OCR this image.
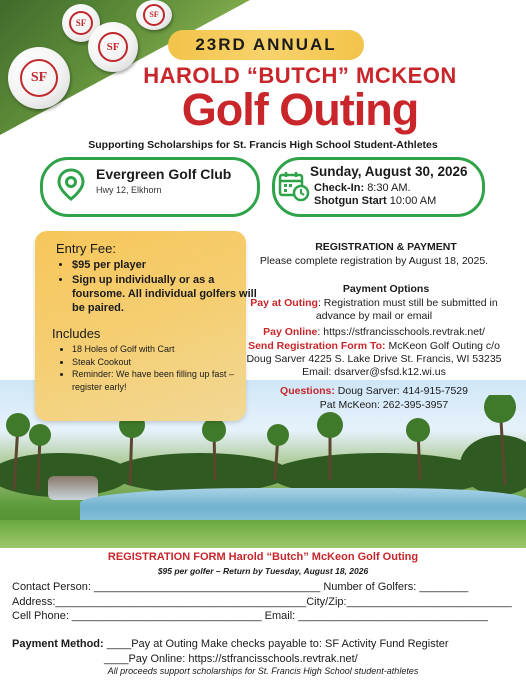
SF
SF
SF
SF
23RD ANNUAL
HAROLD “BUTCH” MCKEON
Golf Outing
Supporting Scholarships for St. Francis High School Student-Athletes
Evergreen Golf Club
Hwy 12, Elkhorn
Sunday, August 30, 2026
Check-In: 8:30 AM.
Shotgun Start 10:00 AM
Entry Fee:
• $95 per player
• Sign up individually or as a foursome. All individual golfers will be paired.
Includes
• 18 Holes of Golf with Cart
• Steak Cookout
• Reminder: We have been filling up fast – register early!
REGISTRATION & PAYMENT
Please complete registration by August 18, 2025.
Payment Options
Pay at Outing: Registration must still be submitted in advance by mail or email
Pay Online: https://stfrancisschools.revtrak.net/
Send Registration Form To: McKeon Golf Outing c/o Doug Sarver 4225 S. Lake Drive St. Francis, WI 53235 Email: dsarver@sfsd.k12.wi.us
Questions: Doug Sarver: 414-915-7529
Pat McKeon: 262-395-3957
REGISTRATION FORM Harold “Butch” McKeon Golf Outing
$95 per golfer – Return by Tuesday, August 18, 2026
Contact Person: _____________________________________ Number of Golfers: ________
Address:_________________________________________City/Zip:___________________________
Cell Phone: _______________________________ Email: _______________________________
Payment Method: ____Pay at Outing Make checks payable to: SF Activity Fund Register
____Pay Online: https://stfrancisschools.revtrak.net/
All proceeds support scholarships for St. Francis High School student-athletes
